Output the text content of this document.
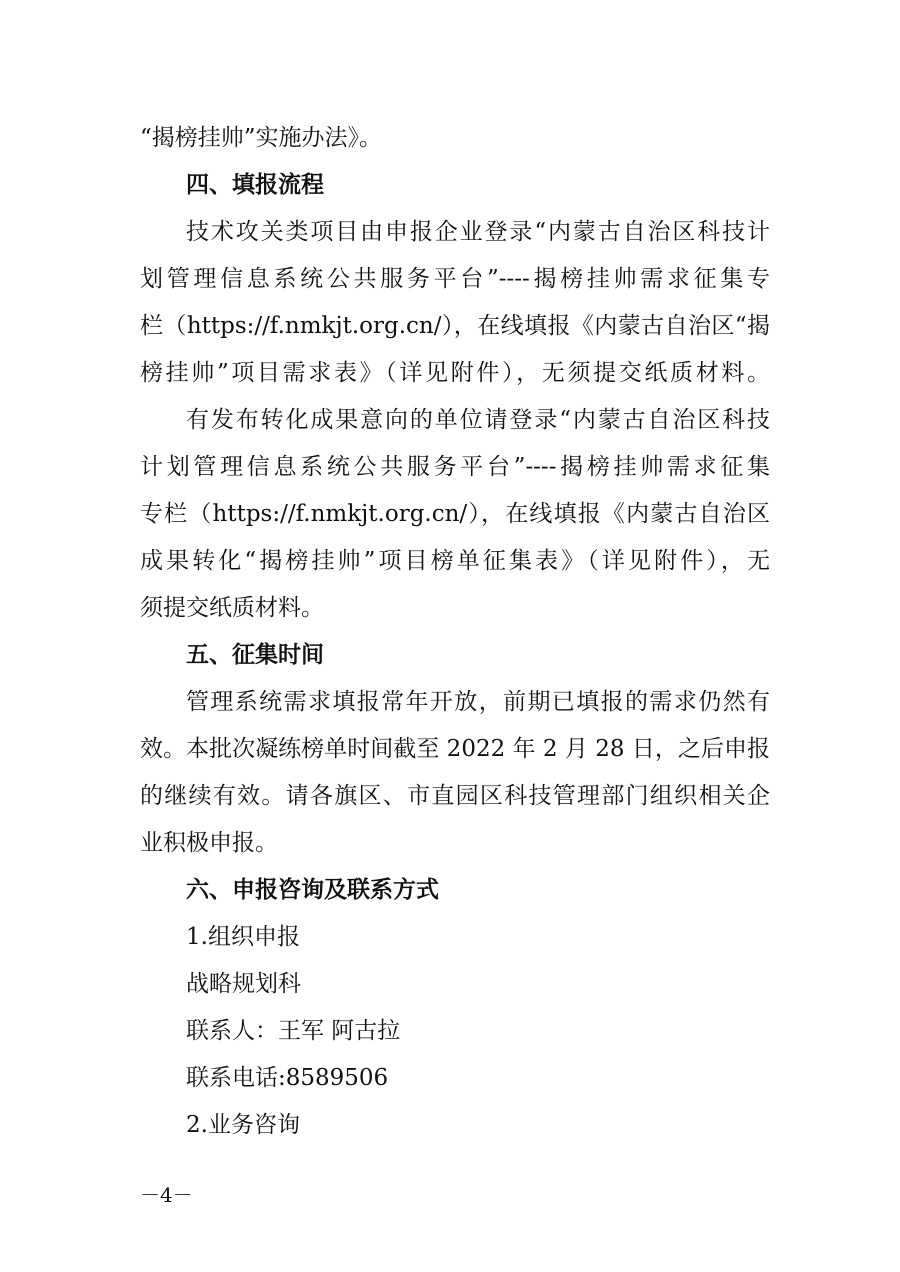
“揭榜挂帅”实施办法》。
四、填报流程
技术攻关类项目由申报企业登录“内蒙古自治区科技计
划管理信息系统公共服务平台”----揭榜挂帅需求征集专
栏（https://f.nmkjt.org.cn/），在线填报《内蒙古自治区“揭
榜挂帅”项目需求表》（详见附件），无须提交纸质材料。
有发布转化成果意向的单位请登录“内蒙古自治区科技
计划管理信息系统公共服务平台”----揭榜挂帅需求征集
专栏（https://f.nmkjt.org.cn/），在线填报《内蒙古自治区
成果转化“揭榜挂帅”项目榜单征集表》（详见附件），无
须提交纸质材料。
五、征集时间
管理系统需求填报常年开放，前期已填报的需求仍然有
效。本批次凝练榜单时间截至 2022 年 2 月 28 日，之后申报
的继续有效。请各旗区、市直园区科技管理部门组织相关企
业积极申报。
六、申报咨询及联系方式
1.组织申报
战略规划科
联系人：王军 阿古拉
联系电话:8589506
2.业务咨询
－4－
